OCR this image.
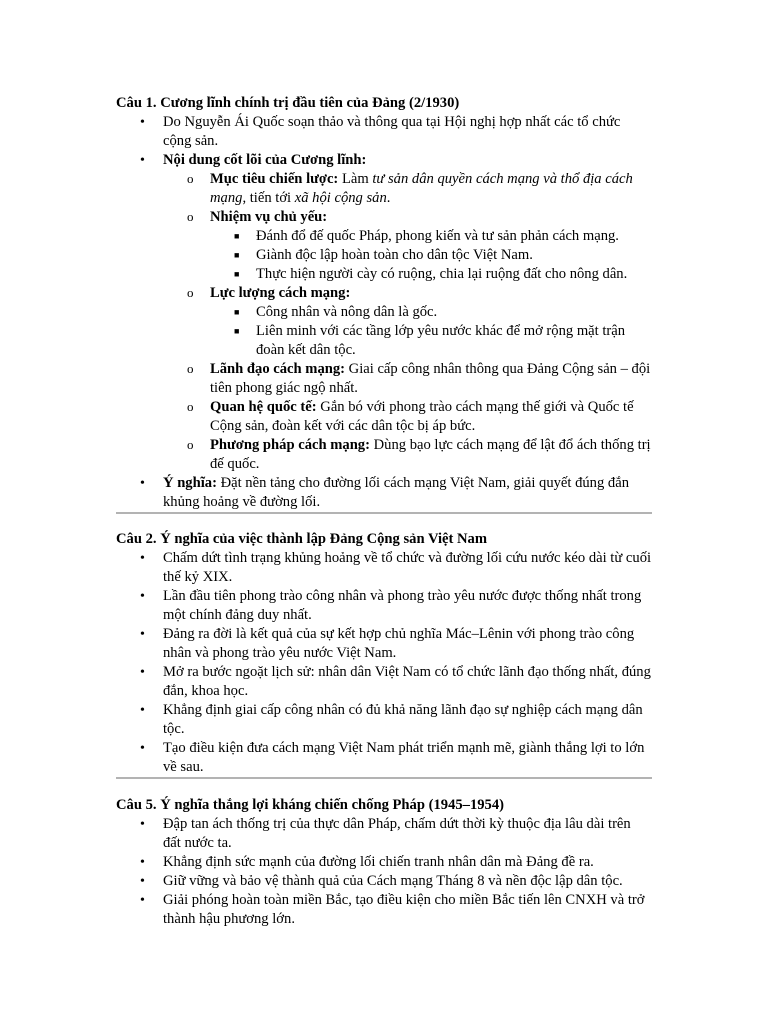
Câu 1. Cương lĩnh chính trị đầu tiên của Đảng (2/1930)

• Do Nguyễn Ái Quốc soạn thảo và thông qua tại Hội nghị hợp nhất các tổ chức cộng sản.
• Nội dung cốt lõi của Cương lĩnh:
o Mục tiêu chiến lược: Làm tư sản dân quyền cách mạng và thổ địa cách mạng, tiến tới xã hội cộng sản.
o Nhiệm vụ chủ yếu:
■ Đánh đổ đế quốc Pháp, phong kiến và tư sản phản cách mạng.
■ Giành độc lập hoàn toàn cho dân tộc Việt Nam.
■ Thực hiện người cày có ruộng, chia lại ruộng đất cho nông dân.
o Lực lượng cách mạng:
■ Công nhân và nông dân là gốc.
■ Liên minh với các tầng lớp yêu nước khác để mở rộng mặt trận đoàn kết dân tộc.
o Lãnh đạo cách mạng: Giai cấp công nhân thông qua Đảng Cộng sản – đội tiên phong giác ngộ nhất.
o Quan hệ quốc tế: Gắn bó với phong trào cách mạng thế giới và Quốc tế Cộng sản, đoàn kết với các dân tộc bị áp bức.
o Phương pháp cách mạng: Dùng bạo lực cách mạng để lật đổ ách thống trị đế quốc.
• Ý nghĩa: Đặt nền tảng cho đường lối cách mạng Việt Nam, giải quyết đúng đắn khủng hoảng về đường lối.

Câu 2. Ý nghĩa của việc thành lập Đảng Cộng sản Việt Nam

• Chấm dứt tình trạng khủng hoảng về tổ chức và đường lối cứu nước kéo dài từ cuối thế kỷ XIX.
• Lần đầu tiên phong trào công nhân và phong trào yêu nước được thống nhất trong một chính đảng duy nhất.
• Đảng ra đời là kết quả của sự kết hợp chủ nghĩa Mác–Lênin với phong trào công nhân và phong trào yêu nước Việt Nam.
• Mở ra bước ngoặt lịch sử: nhân dân Việt Nam có tổ chức lãnh đạo thống nhất, đúng đắn, khoa học.
• Khẳng định giai cấp công nhân có đủ khả năng lãnh đạo sự nghiệp cách mạng dân tộc.
• Tạo điều kiện đưa cách mạng Việt Nam phát triển mạnh mẽ, giành thắng lợi to lớn về sau.

Câu 5. Ý nghĩa thắng lợi kháng chiến chống Pháp (1945–1954)

• Đập tan ách thống trị của thực dân Pháp, chấm dứt thời kỳ thuộc địa lâu dài trên đất nước ta.
• Khẳng định sức mạnh của đường lối chiến tranh nhân dân mà Đảng đề ra.
• Giữ vững và bảo vệ thành quả của Cách mạng Tháng 8 và nền độc lập dân tộc.
• Giải phóng hoàn toàn miền Bắc, tạo điều kiện cho miền Bắc tiến lên CNXH và trở thành hậu phương lớn.
